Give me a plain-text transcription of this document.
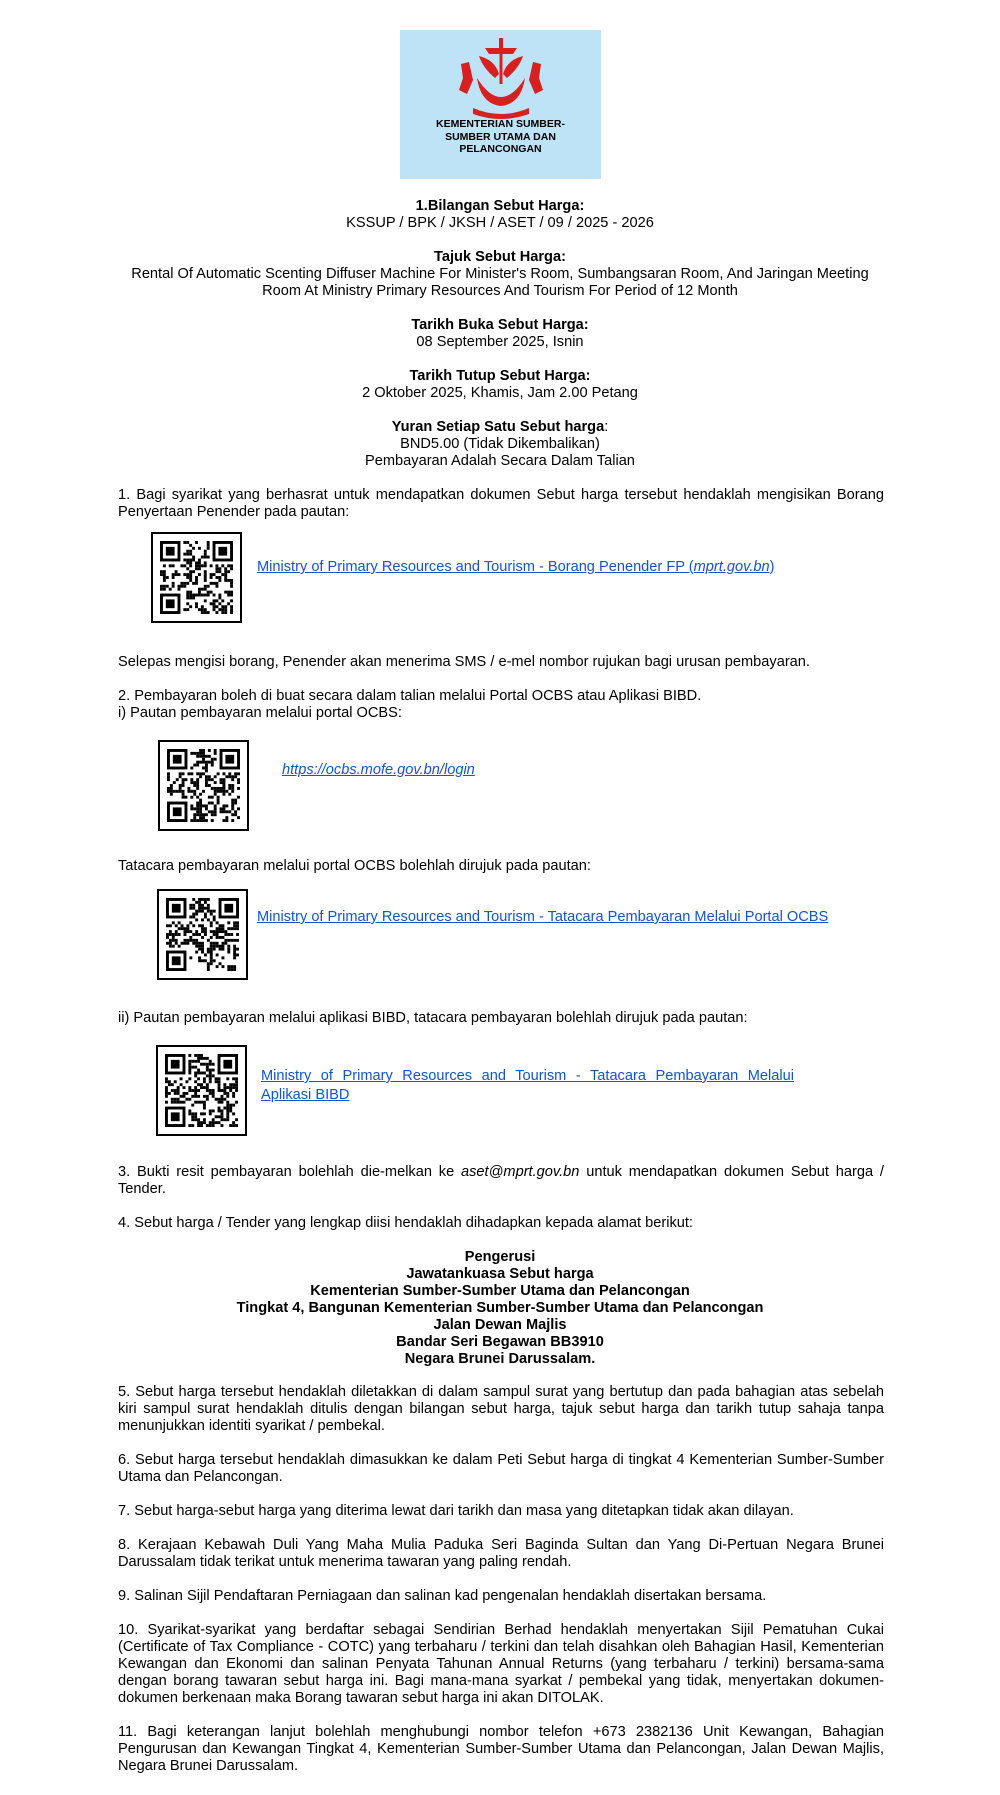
KEMENTERIAN SUMBER-
SUMBER UTAMA DAN
PELANCONGAN
1.Bilangan Sebut Harga:
KSSUP / BPK / JKSH / ASET / 09 / 2025 - 2026
Tajuk Sebut Harga:
Rental Of Automatic Scenting Diffuser Machine For Minister's Room, Sumbangsaran Room, And Jaringan Meeting
Room At Ministry Primary Resources And Tourism For Period of 12 Month
Tarikh Buka Sebut Harga:
08 September 2025, Isnin
Tarikh Tutup Sebut Harga:
2 Oktober 2025, Khamis, Jam 2.00 Petang
Yuran Setiap Satu Sebut harga:
BND5.00 (Tidak Dikembalikan)
Pembayaran Adalah Secara Dalam Talian
1. Bagi syarikat yang berhasrat untuk mendapatkan dokumen Sebut harga tersebut hendaklah mengisikan Borang Penyertaan Penender pada pautan:
Ministry of Primary Resources and Tourism - Borang Penender FP (mprt.gov.bn)
Selepas mengisi borang, Penender akan menerima SMS / e-mel nombor rujukan bagi urusan pembayaran.
2. Pembayaran boleh di buat secara dalam talian melalui Portal OCBS atau Aplikasi BIBD.
i) Pautan pembayaran melalui portal OCBS:
https://ocbs.mofe.gov.bn/login
Tatacara pembayaran melalui portal OCBS bolehlah dirujuk pada pautan:
Ministry of Primary Resources and Tourism - Tatacara Pembayaran Melalui Portal OCBS
ii) Pautan pembayaran melalui aplikasi BIBD, tatacara pembayaran bolehlah dirujuk pada pautan:
Ministry of Primary Resources and Tourism - Tatacara Pembayaran Melalui
Aplikasi BIBD
3. Bukti resit pembayaran bolehlah die-melkan ke aset@mprt.gov.bn untuk mendapatkan dokumen Sebut harga / Tender.
4. Sebut harga / Tender yang lengkap diisi hendaklah dihadapkan kepada alamat berikut:
Pengerusi
Jawatankuasa Sebut harga
Kementerian Sumber-Sumber Utama dan Pelancongan
Tingkat 4, Bangunan Kementerian Sumber-Sumber Utama dan Pelancongan
Jalan Dewan Majlis
Bandar Seri Begawan BB3910
Negara Brunei Darussalam.
5. Sebut harga tersebut hendaklah diletakkan di dalam sampul surat yang bertutup dan pada bahagian atas sebelah kiri sampul surat hendaklah ditulis dengan bilangan sebut harga, tajuk sebut harga dan tarikh tutup sahaja tanpa menunjukkan identiti syarikat / pembekal.
6. Sebut harga tersebut hendaklah dimasukkan ke dalam Peti Sebut harga di tingkat 4 Kementerian Sumber-Sumber Utama dan Pelancongan.
7. Sebut harga-sebut harga yang diterima lewat dari tarikh dan masa yang ditetapkan tidak akan dilayan.
8. Kerajaan Kebawah Duli Yang Maha Mulia Paduka Seri Baginda Sultan dan Yang Di-Pertuan Negara Brunei Darussalam tidak terikat untuk menerima tawaran yang paling rendah.
9. Salinan Sijil Pendaftaran Perniagaan dan salinan kad pengenalan hendaklah disertakan bersama.
10. Syarikat-syarikat yang berdaftar sebagai Sendirian Berhad hendaklah menyertakan Sijil Pematuhan Cukai (Certificate of Tax Compliance - COTC) yang terbaharu / terkini dan telah disahkan oleh Bahagian Hasil, Kementerian Kewangan dan Ekonomi dan salinan Penyata Tahunan Annual Returns (yang terbaharu / terkini) bersama-sama dengan borang tawaran sebut harga ini. Bagi mana-mana syarkat / pembekal yang tidak, menyertakan dokumen-dokumen berkenaan maka Borang tawaran sebut harga ini akan DITOLAK.
11. Bagi keterangan lanjut bolehlah menghubungi nombor telefon +673 2382136 Unit Kewangan, Bahagian Pengurusan dan Kewangan Tingkat 4, Kementerian Sumber-Sumber Utama dan Pelancongan, Jalan Dewan Majlis, Negara Brunei Darussalam.
